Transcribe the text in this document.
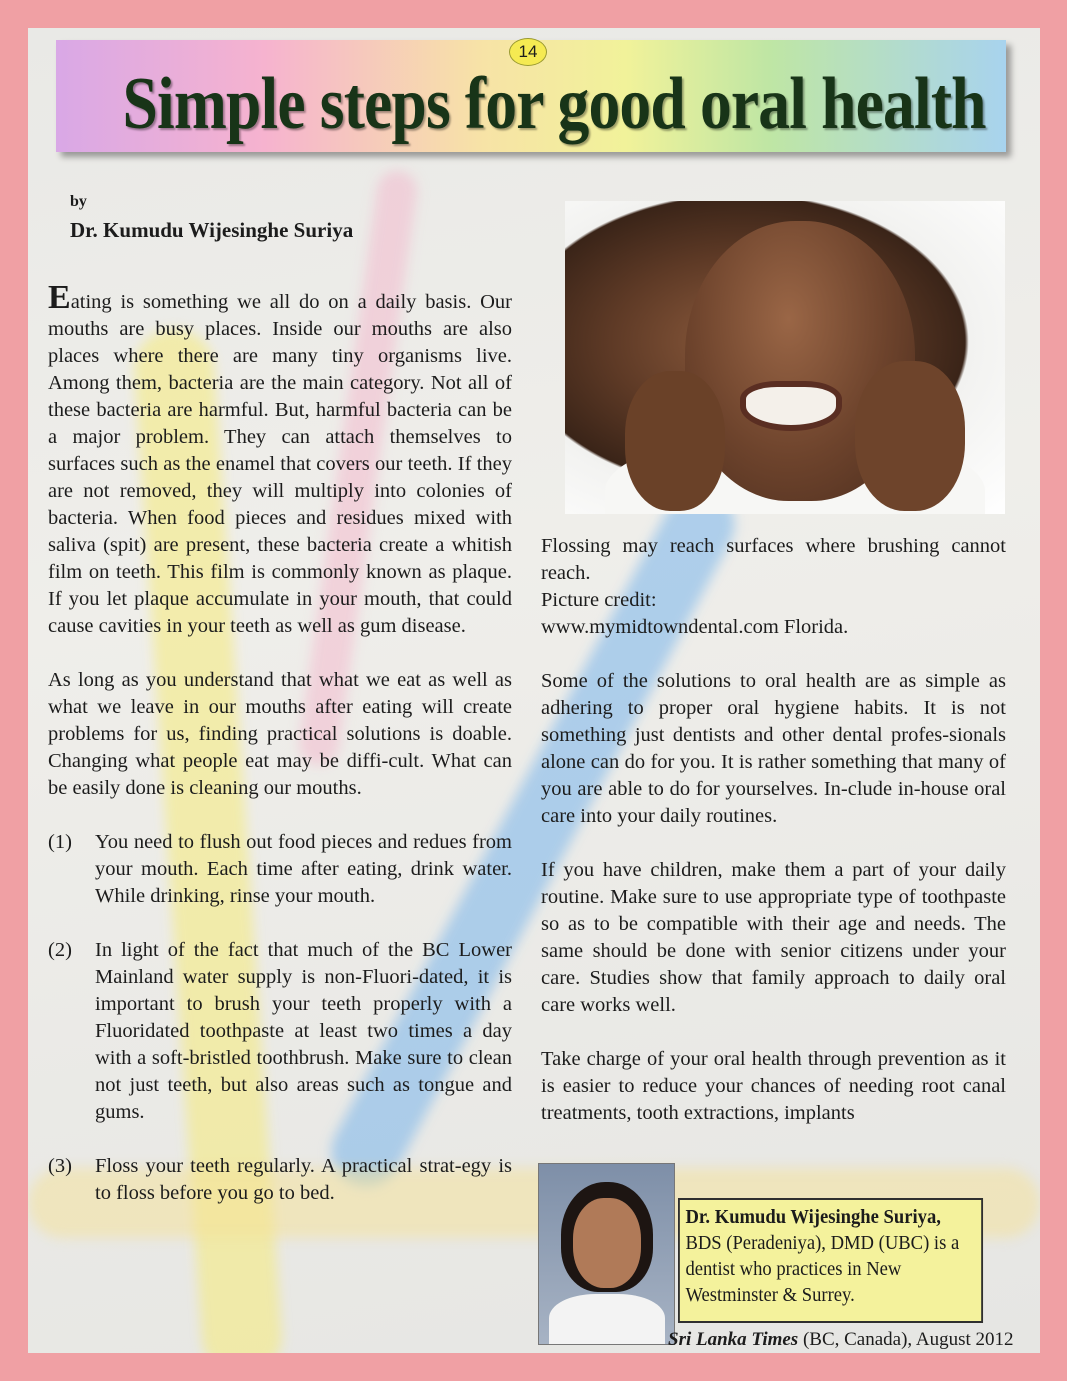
14
Simple steps for good oral health
by
Dr. Kumudu Wijesinghe Suriya

Eating is something we all do on a daily basis. Our mouths are busy places. Inside our mouths are also places where there are many tiny organisms live. Among them, bacteria are the main category. Not all of these bacteria are harmful. But, harmful bacteria can be a major problem. They can attach themselves to surfaces such as the enamel that covers our teeth. If they are not removed, they will multiply into colonies of bacteria. When food pieces and residues mixed with saliva (spit) are present, these bacteria create a whitish film on teeth. This film is commonly known as plaque. If you let plaque accumulate in your mouth, that could cause cavities in your teeth as well as gum disease.

As long as you understand that what we eat as well as what we leave in our mouths after eating will create problems for us, finding practical solutions is doable. Changing what people eat may be diffi-cult. What can be easily done is cleaning our mouths.

(1)	You need to flush out food pieces and redues from your mouth. Each time after eating, drink water. While drinking, rinse your mouth.
(2)	In light of the fact that much of the BC Lower Mainland water supply is non-Fluori-dated, it is important to brush your teeth properly with a Fluoridated toothpaste at least two times a day with a soft-bristled toothbrush. Make sure to clean not just teeth, but also areas such as tongue and gums.
(3)	Floss your teeth regularly. A practical strat-egy is to floss before you go to bed.

Flossing may reach surfaces where brushing cannot reach.
Picture credit:
www.mymidtowndental.com Florida.

Some of the solutions to oral health are as simple as adhering to proper oral hygiene habits. It is not something just dentists and other dental profes-sionals alone can do for you. It is rather something that many of you are able to do for yourselves. In-clude in-house oral care into your daily routines.

If you have children, make them a part of your daily routine. Make sure to use appropriate type of toothpaste so as to be compatible with their age and needs. The same should be done with senior citizens under your care. Studies show that family approach to daily oral care works well.

Take charge of your oral health through prevention as it is easier to reduce your chances of needing root canal treatments, tooth extractions, implants

Dr. Kumudu Wijesinghe Suriya, BDS (Peradeniya), DMD (UBC) is a dentist who practices in New Westminster & Surrey.
Sri Lanka Times (BC, Canada), August 2012
